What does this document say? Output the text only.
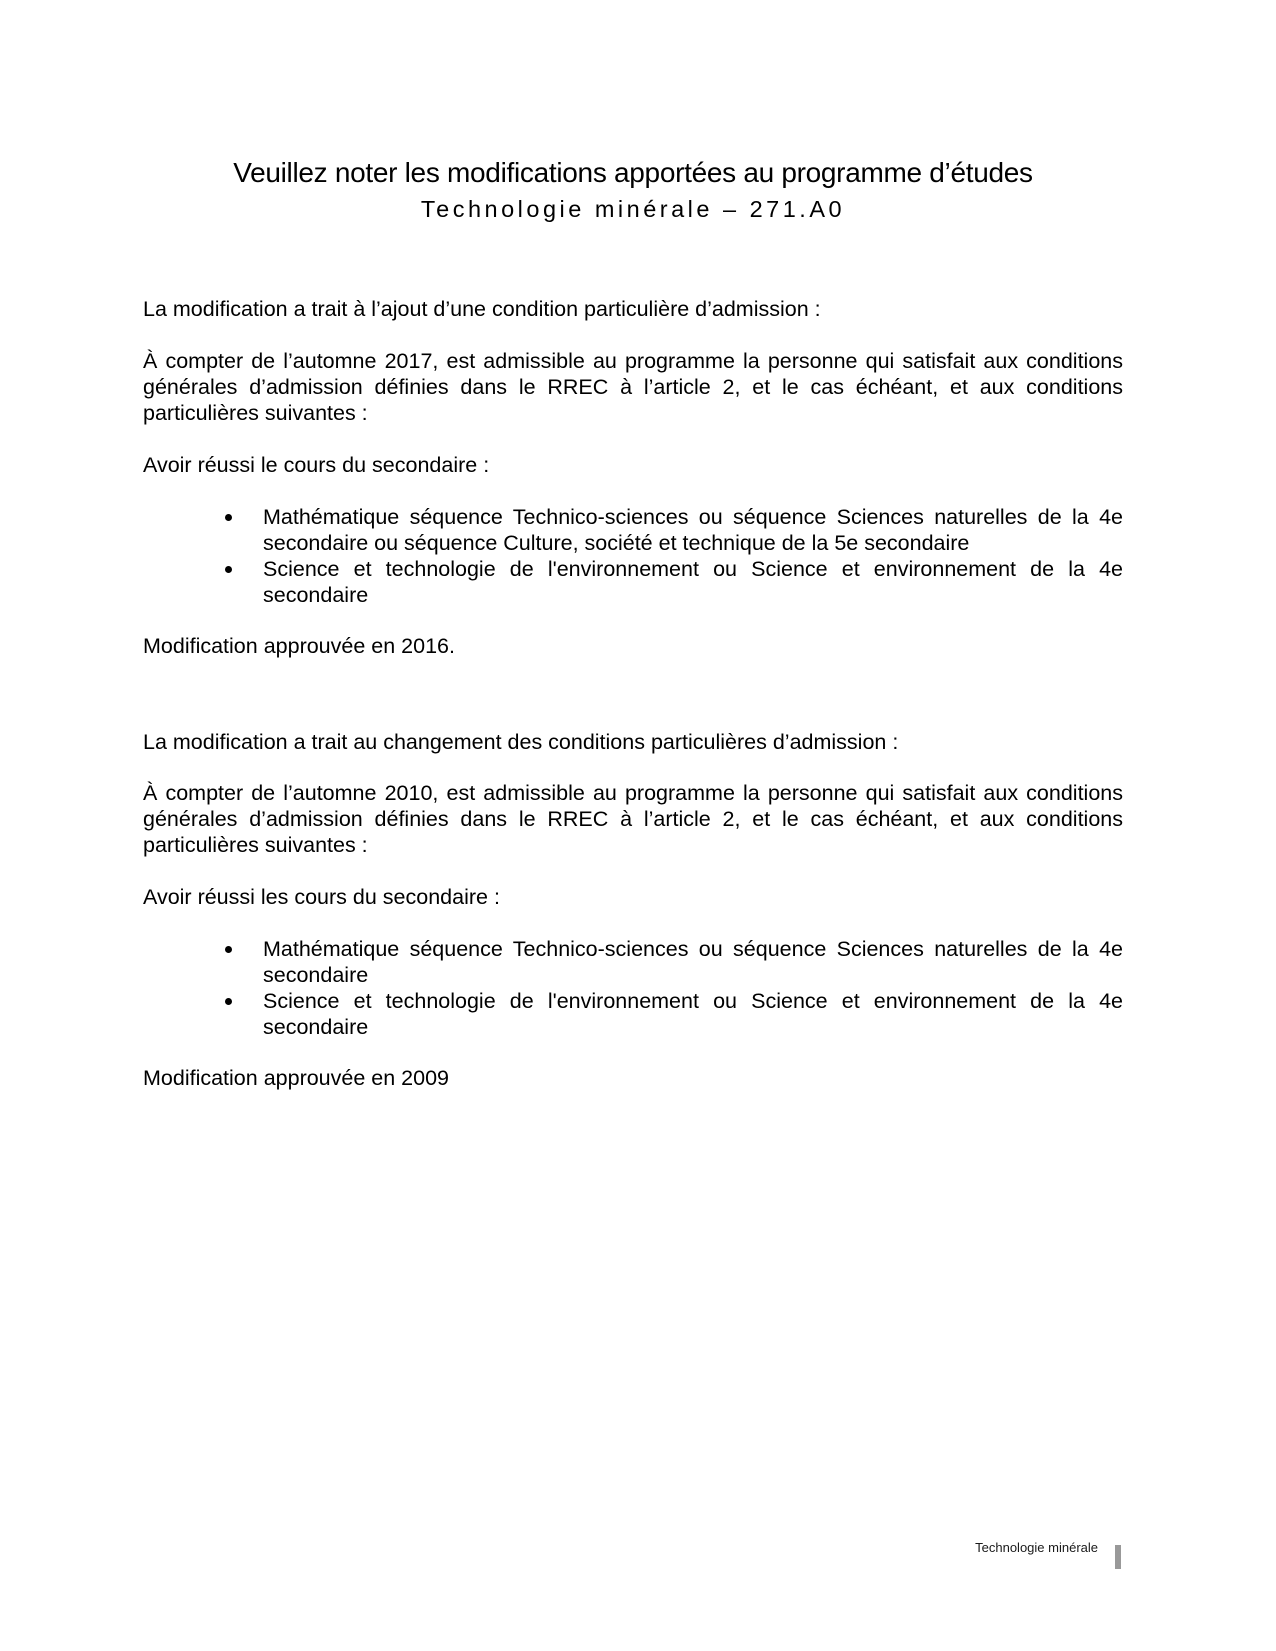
Veuillez noter les modifications apportées au programme d’études
Technologie minérale – 271.A0
La modification a trait à l’ajout d’une condition particulière d’admission :
À compter de l’automne 2017, est admissible au programme la personne qui satisfait aux conditions générales d’admission définies dans le RREC à l’article 2, et le cas échéant, et aux conditions particulières suivantes :
Avoir réussi le cours du secondaire :
Mathématique séquence Technico-sciences ou séquence Sciences naturelles de la 4e secondaire ou séquence Culture, société et technique de la 5e secondaire
Science et technologie de l'environnement ou Science et environnement de la 4e secondaire
Modification approuvée en 2016.
La modification a trait au changement des conditions particulières d’admission :
À compter de l’automne 2010, est admissible au programme la personne qui satisfait aux conditions générales d’admission définies dans le RREC à l’article 2, et le cas échéant, et aux conditions particulières suivantes :
Avoir réussi les cours du secondaire :
Mathématique séquence Technico-sciences ou séquence Sciences naturelles de la 4e secondaire
Science et technologie de l'environnement ou Science et environnement de la 4e secondaire
Modification approuvée en 2009
Technologie minérale
